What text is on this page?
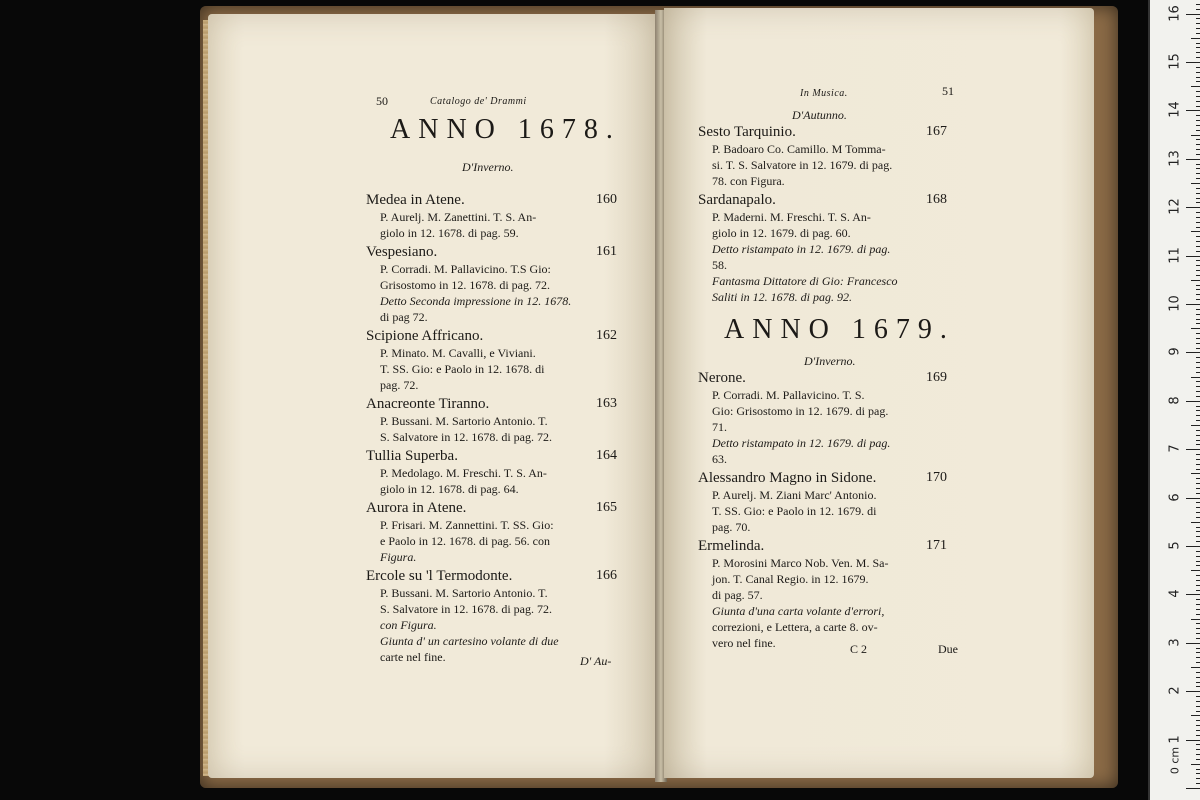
50	Catalogo de' Drammi
ANNO 1678.
D'Inverno.
Medea in Atene.	160
P. Aurelj. M. Zanettini. T. S. An-
giolo in 12. 1678. di pag. 59.
Vespesiano.	161
P. Corradi. M. Pallavicino. T.S Gio:
Grisostomo in 12. 1678. di pag. 72.
Detto Seconda impressione in 12. 1678.
di pag 72.
Scipione Affricano.	162
P. Minato. M. Cavalli, e Viviani.
T. SS. Gio: e Paolo in 12. 1678. di
pag. 72.
Anacreonte Tiranno.	163
P. Bussani. M. Sartorio Antonio. T.
S. Salvatore in 12. 1678. di pag. 72.
Tullia Superba.	164
P. Medolago. M. Freschi. T. S. An-
giolo in 12. 1678. di pag. 64.
Aurora in Atene.	165
P. Frisari. M. Zannettini. T. SS. Gio:
e Paolo in 12. 1678. di pag. 56. con
Figura.
Ercole su 'l Termodonte.	166
P. Bussani. M. Sartorio Antonio. T.
S. Salvatore in 12. 1678. di pag. 72.
con Figura.
Giunta d' un cartesino volante di due
carte nel fine.	D' Au-
In Musica.	51
D'Autunno.
Sesto Tarquinio.	167
P. Badoaro Co. Camillo. M Tomma-
si. T. S. Salvatore in 12. 1679. di pag.
78. con Figura.
Sardanapalo.	168
P. Maderni. M. Freschi. T. S. An-
giolo in 12. 1679. di pag. 60.
Detto ristampato in 12. 1679. di pag.
58.
Fantasma Dittatore di Gio: Francesco
Saliti in 12. 1678. di pag. 92.
ANNO 1679.
D'Inverno.
Nerone.	169
P. Corradi. M. Pallavicino. T. S.
Gio: Grisostomo in 12. 1679. di pag.
71.
Detto ristampato in 12. 1679. di pag.
63.
Alessandro Magno in Sidone.	170
P. Aurelj. M. Ziani Marc' Antonio.
T. SS. Gio: e Paolo in 12. 1679. di
pag. 70.
Ermelinda.	171
P. Morosini Marco Nob. Ven. M. Sa-
jon. T. Canal Regio. in 12. 1679.
di pag. 57.
Giunta d'una carta volante d'errori,
correzioni, e Lettera, a carte 8. ov-
vero nel fine.	C 2	Due
1
2
3
4
5
6
7
8
9
10
11
12
13
14
15
16
0 cm
